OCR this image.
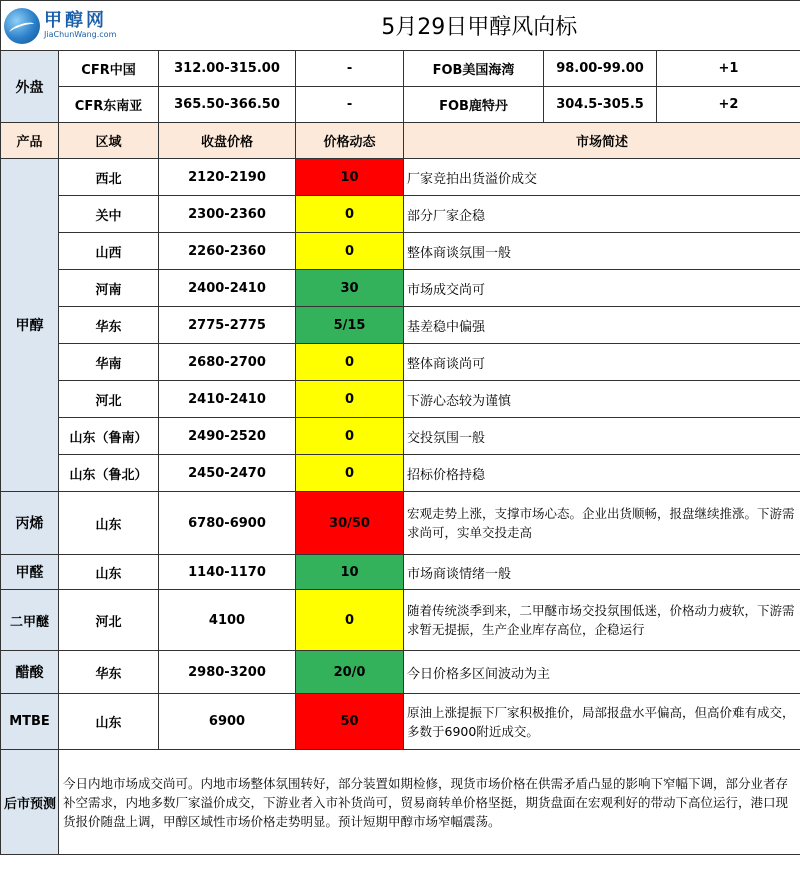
甲醇网
JiaChunWang.com		5月29日甲醇风向标				
外盘	CFR中国	312.00-315.00	-	FOB美国海湾	98.00-99.00	+1
	CFR东南亚	365.50-366.50	-	FOB鹿特丹	304.5-305.5	+2
产品	区域	收盘价格	价格动态	市场简述		
甲醇	西北	2120-2190	10	厂家竞拍出货溢价成交		
	关中	2300-2360	0	部分厂家企稳		
	山西	2260-2360	0	整体商谈氛围一般		
	河南	2400-2410	30	市场成交尚可		
	华东	2775-2775	5/15	基差稳中偏强		
	华南	2680-2700	0	整体商谈尚可		
	河北	2410-2410	0	下游心态较为谨慎		
	山东（鲁南）	2490-2520	0	交投氛围一般		
	山东（鲁北）	2450-2470	0	招标价格持稳		
丙烯	山东	6780-6900	30/50	宏观走势上涨，支撑市场心态。企业出货顺畅，报盘继续推涨。下游需求尚可，实单交投走高		
甲醛	山东	1140-1170	10	市场商谈情绪一般		
二甲醚	河北	4100	0	随着传统淡季到来，二甲醚市场交投氛围低迷，价格动力疲软，下游需求暂无提振，生产企业库存高位，企稳运行		
醋酸	华东	2980-3200	20/0	今日价格多区间波动为主		
MTBE	山东	6900	50	原油上涨提振下厂家积极推价，局部报盘水平偏高，但高价难有成交，多数于6900附近成交。		
后市预测	今日内地市场成交尚可。内地市场整体氛围转好，部分装置如期检修，现货市场价格在供需矛盾凸显的影响下窄幅下调，部分业者存补空需求，内地多数厂家溢价成交，下游业者入市补货尚可，贸易商转单价格坚挺，期货盘面在宏观利好的带动下高位运行，港口现货报价随盘上调，甲醇区域性市场价格走势明显。预计短期甲醇市场窄幅震荡。					
